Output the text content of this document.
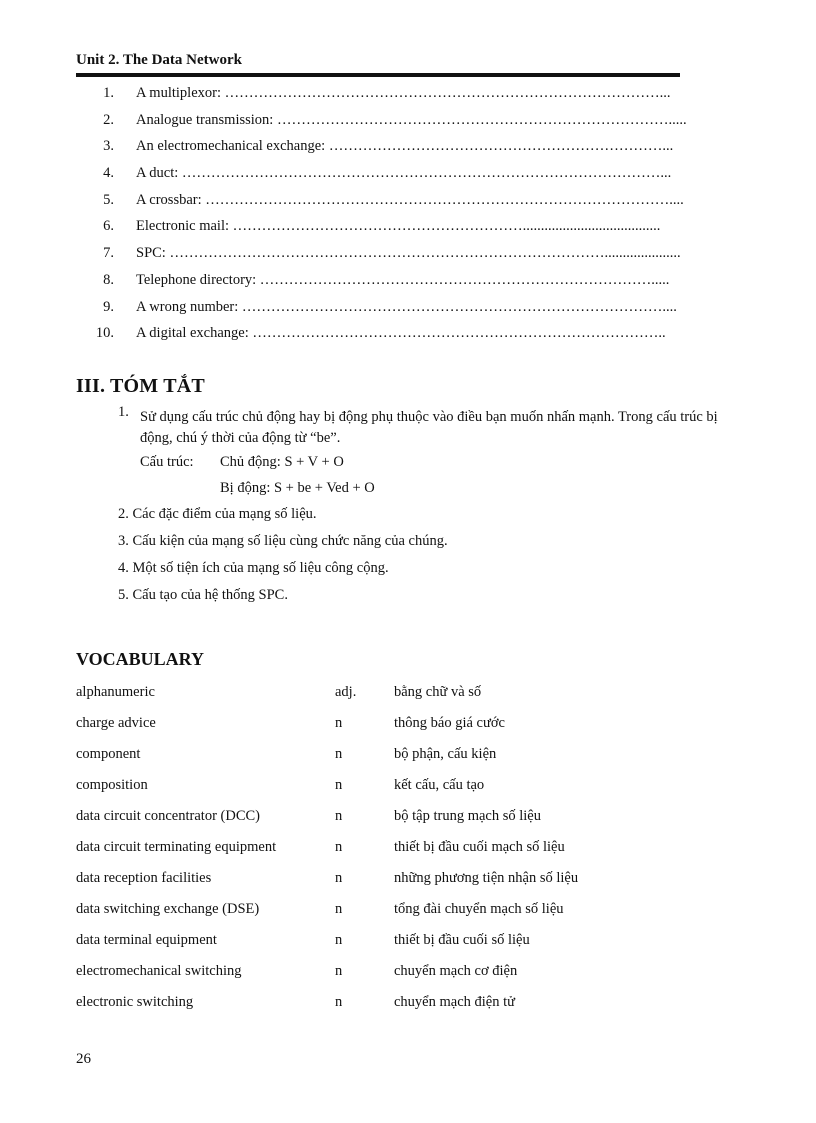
Unit 2. The Data Network
1. A multiplexor: ………………………………………………………………………………...
2. Analogue transmission: ……………………………………………………………………….....
3. An electromechanical exchange: ……………………………………………………………...
4. A duct: ………………………………………………………………………………………...
5. A crossbar: ……………………………………………………………………………………....
6. Electronic mail: ……………………………………………………......................................
7. SPC: ……………………………………………………………………………….....................
8. Telephone directory: ……………………………………………………………………….....
9. A wrong number: ……………………………………………………………………………....
10. A digital exchange: …………………………………………………………………………..
III. TÓM TẮT
1. Sử dụng cấu trúc chủ động hay bị động phụ thuộc vào điều bạn muốn nhấn mạnh. Trong cấu trúc bị động, chú ý thời của động từ “be”.
Cấu trúc:	Chủ động: S + V + O
Bị động: S + be + Ved + O
2. Các đặc điểm của mạng số liệu.
3. Cấu kiện của mạng số liệu cùng chức năng của chúng.
4. Một số tiện ích của mạng số liệu công cộng.
5. Cấu tạo của hệ thống SPC.
VOCABULARY
alphanumeric	adj.	bằng chữ và số
charge advice	n	thông báo giá cước
component	n	bộ phận, cấu kiện
composition	n	kết cấu, cấu tạo
data circuit concentrator (DCC)	n	bộ tập trung mạch số liệu
data circuit terminating equipment	n	thiết bị đầu cuối mạch số liệu
data reception facilities	n	những phương tiện nhận số liệu
data switching exchange (DSE)	n	tổng đài chuyển mạch số liệu
data terminal equipment	n	thiết bị đầu cuối số liệu
electromechanical switching	n	chuyển mạch cơ điện
electronic switching	n	chuyển mạch điện tử
26
